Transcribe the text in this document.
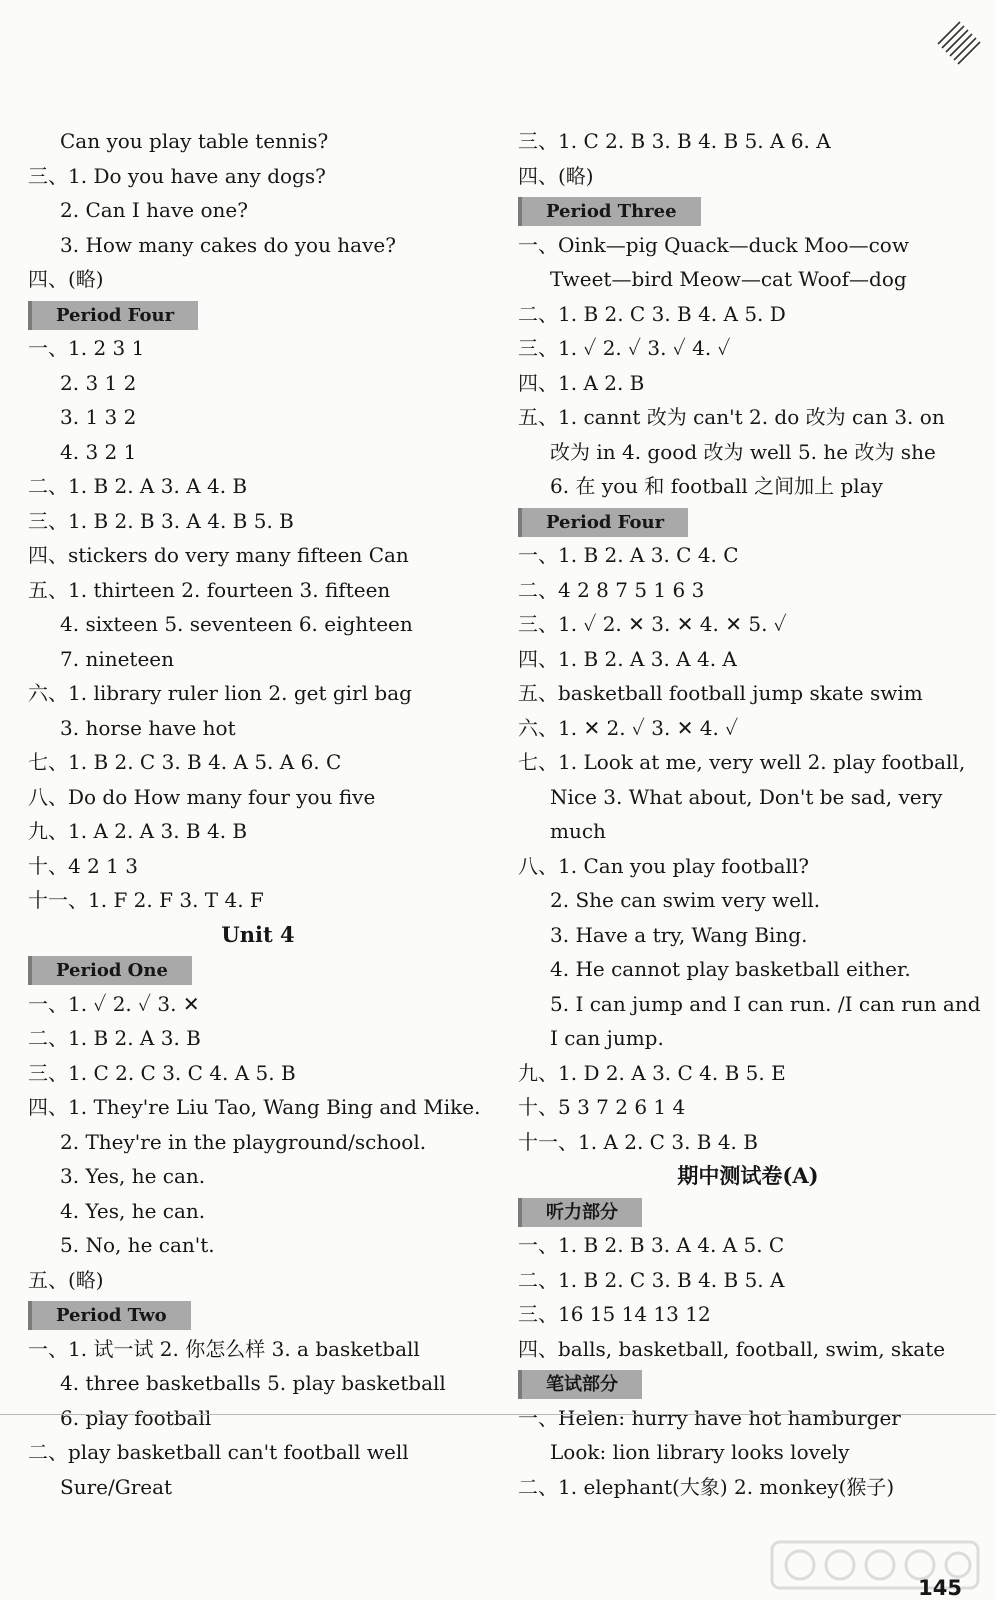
Can you play table tennis?
三、1. Do you have any dogs?
2. Can I have one?
3. How many cakes do you have?
四、(略)
Period Four
一、1. 2 3 1
2. 3 1 2
3. 1 3 2
4. 3 2 1
二、1. B 2. A 3. A 4. B
三、1. B 2. B 3. A 4. B 5. B
四、stickers do very many fifteen Can
五、1. thirteen 2. fourteen 3. fifteen
4. sixteen 5. seventeen 6. eighteen
7. nineteen
六、1. library ruler lion 2. get girl bag
3. horse have hot
七、1. B 2. C 3. B 4. A 5. A 6. C
八、Do do How many four you five
九、1. A 2. A 3. B 4. B
十、4 2 1 3
十一、1. F 2. F 3. T 4. F
Unit 4
Period One
一、1. ✓ 2. ✓ 3. ✕
二、1. B 2. A 3. B
三、1. C 2. C 3. C 4. A 5. B
四、1. They're Liu Tao, Wang Bing and Mike.
2. They're in the playground/school.
3. Yes, he can.
4. Yes, he can.
5. No, he can't.
五、(略)
Period Two
一、1. 试一试 2. 你怎么样 3. a basketball
4. three basketballs 5. play basketball
6. play football
二、play basketball can't football well
Sure/Great
三、1. C 2. B 3. B 4. B 5. A 6. A
四、(略)
Period Three
一、Oink—pig Quack—duck Moo—cow
Tweet—bird Meow—cat Woof—dog
二、1. B 2. C 3. B 4. A 5. D
三、1. ✓ 2. ✓ 3. ✓ 4. ✓
四、1. A 2. B
五、1. cannt 改为 can't 2. do 改为 can 3. on
改为 in 4. good 改为 well 5. he 改为 she
6. 在 you 和 football 之间加上 play
Period Four
一、1. B 2. A 3. C 4. C
二、4 2 8 7 5 1 6 3
三、1. ✓ 2. ✕ 3. ✕ 4. ✕ 5. ✓
四、1. B 2. A 3. A 4. A
五、basketball football jump skate swim
六、1. ✕ 2. ✓ 3. ✕ 4. ✓
七、1. Look at me, very well 2. play football,
Nice 3. What about, Don't be sad, very
much
八、1. Can you play football?
2. She can swim very well.
3. Have a try, Wang Bing.
4. He cannot play basketball either.
5. I can jump and I can run. /I can run and
I can jump.
九、1. D 2. A 3. C 4. B 5. E
十、5 3 7 2 6 1 4
十一、1. A 2. C 3. B 4. B
期中测试卷(A)
听力部分
一、1. B 2. B 3. A 4. A 5. C
二、1. B 2. C 3. B 4. B 5. A
三、16 15 14 13 12
四、balls, basketball, football, swim, skate
笔试部分
一、Helen: hurry have hot hamburger
Look: lion library looks lovely
二、1. elephant(大象) 2. monkey(猴子)
145
